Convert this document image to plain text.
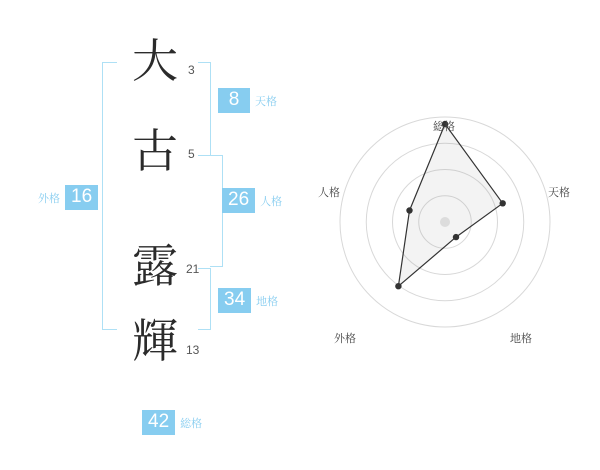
外格 16
大 3
8	天格
古 5
26	人格
露 21
34	地格
輝 13
42	総格
総格
天格
地格
外格
人格
